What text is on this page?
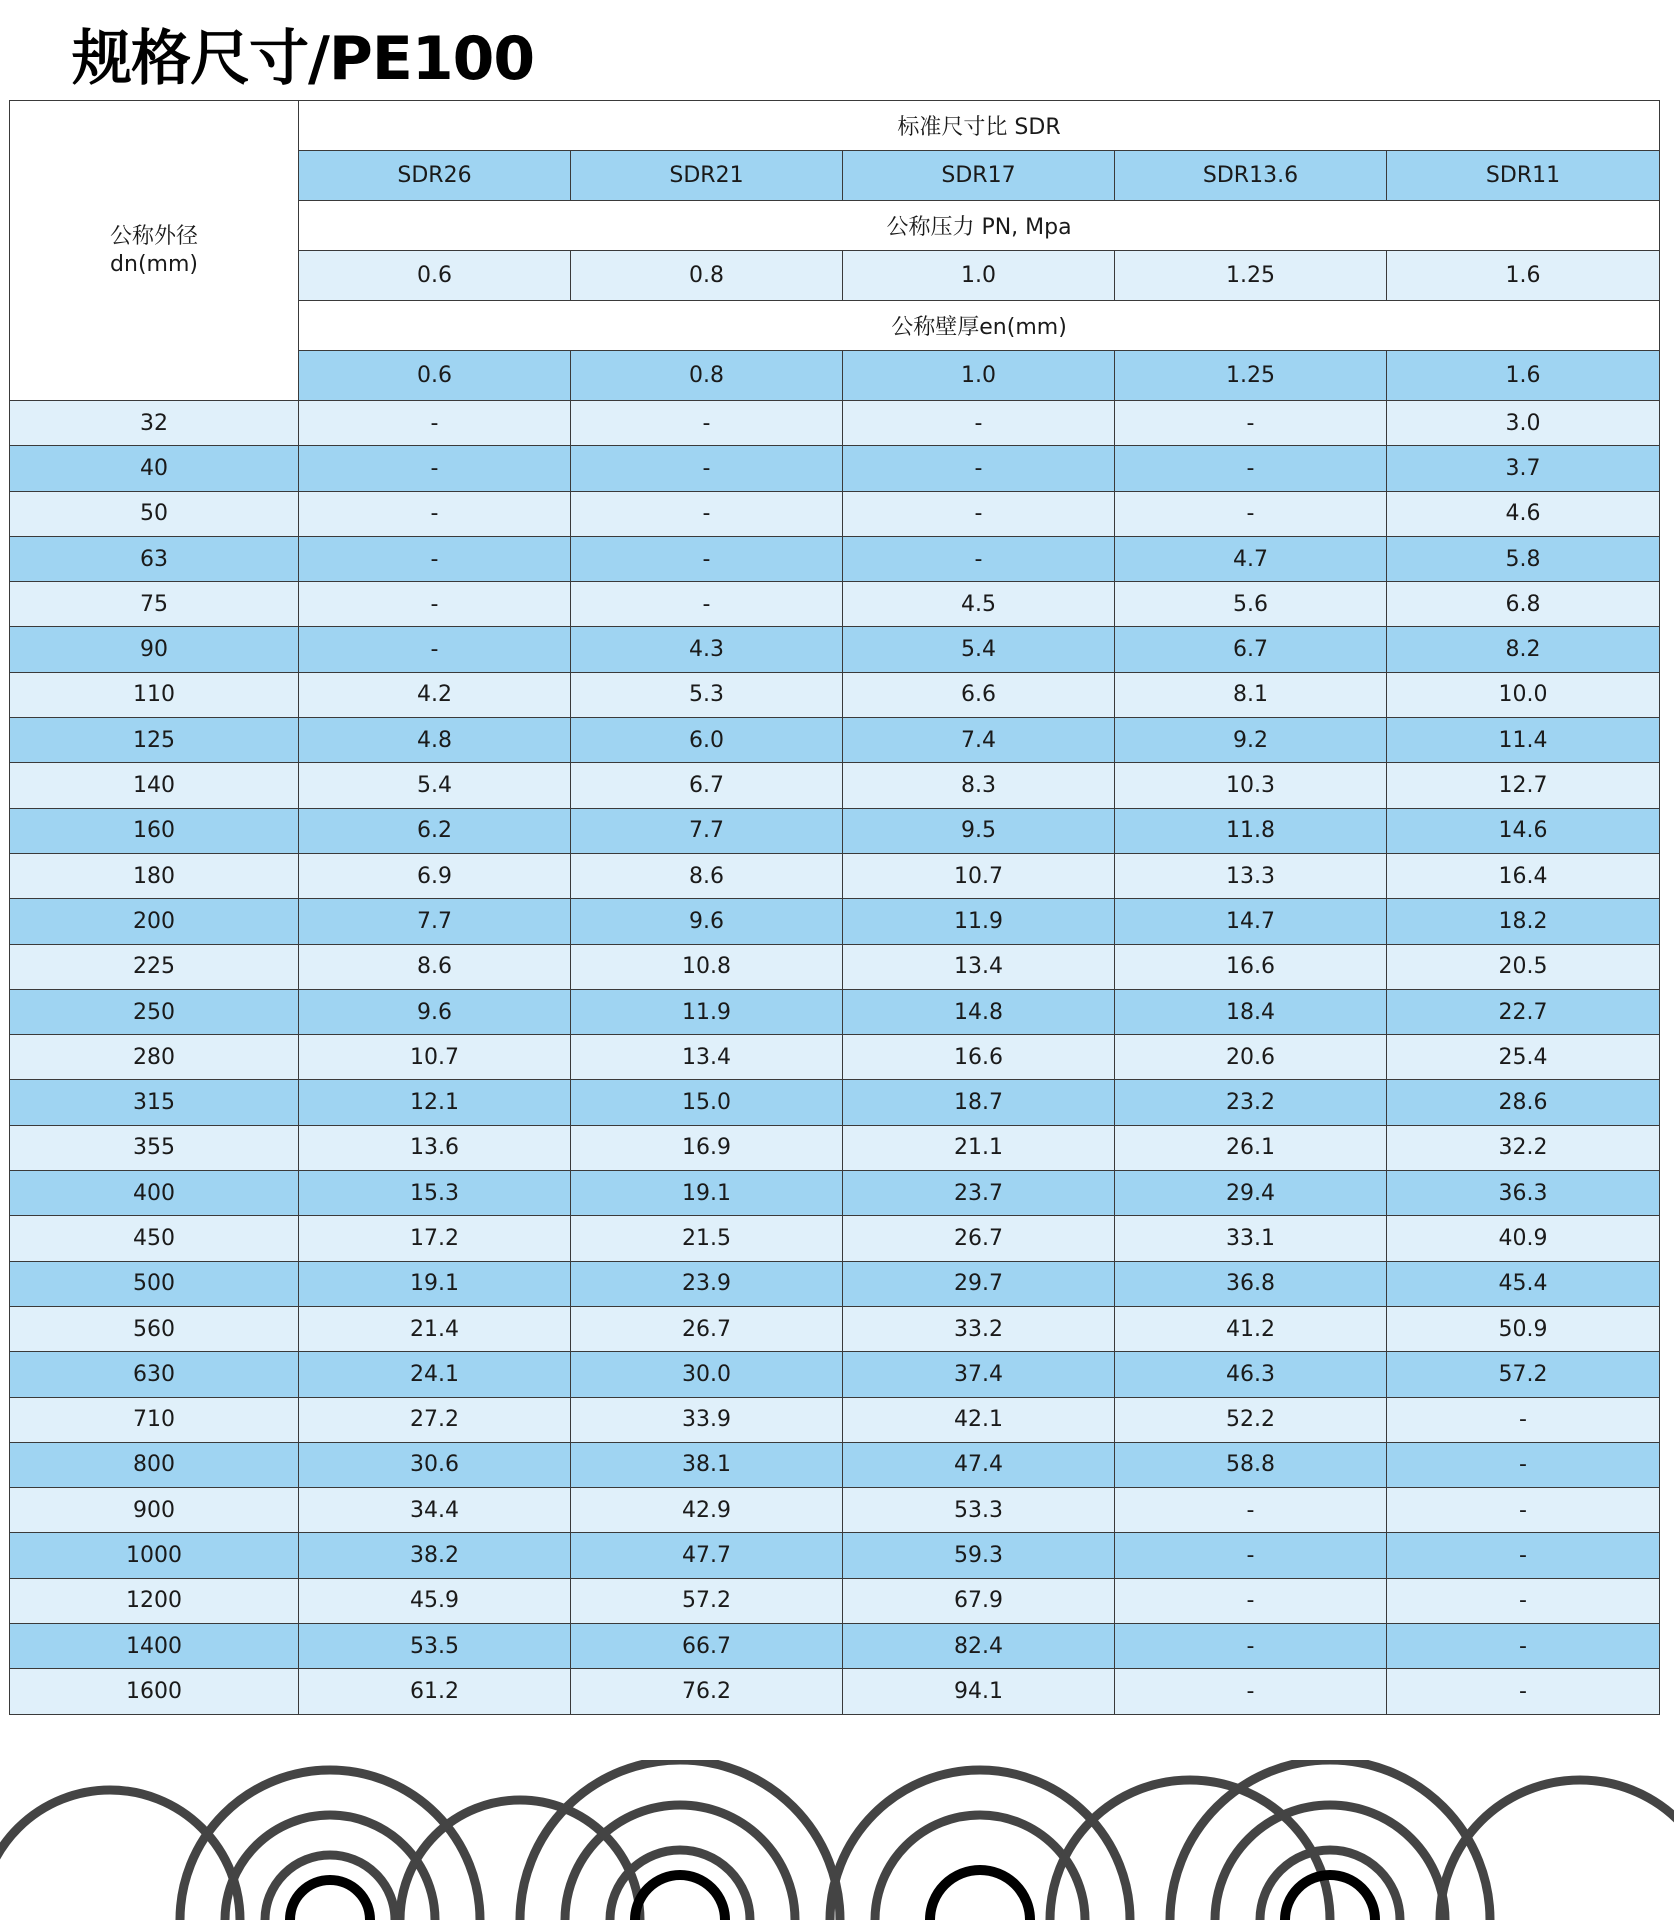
规格尺寸/PE100
公称外径
dn(mm)	标准尺寸比 SDR				
	SDR26	SDR21	SDR17	SDR13.6	SDR11
	公称压力 PN, Mpa				
	0.6	0.8	1.0	1.25	1.6
	公称壁厚en(mm)				
	0.6	0.8	1.0	1.25	1.6
32	-	-	-	-	3.0
40	-	-	-	-	3.7
50	-	-	-	-	4.6
63	-	-	-	4.7	5.8
75	-	-	4.5	5.6	6.8
90	-	4.3	5.4	6.7	8.2
110	4.2	5.3	6.6	8.1	10.0
125	4.8	6.0	7.4	9.2	11.4
140	5.4	6.7	8.3	10.3	12.7
160	6.2	7.7	9.5	11.8	14.6
180	6.9	8.6	10.7	13.3	16.4
200	7.7	9.6	11.9	14.7	18.2
225	8.6	10.8	13.4	16.6	20.5
250	9.6	11.9	14.8	18.4	22.7
280	10.7	13.4	16.6	20.6	25.4
315	12.1	15.0	18.7	23.2	28.6
355	13.6	16.9	21.1	26.1	32.2
400	15.3	19.1	23.7	29.4	36.3
450	17.2	21.5	26.7	33.1	40.9
500	19.1	23.9	29.7	36.8	45.4
560	21.4	26.7	33.2	41.2	50.9
630	24.1	30.0	37.4	46.3	57.2
710	27.2	33.9	42.1	52.2	-
800	30.6	38.1	47.4	58.8	-
900	34.4	42.9	53.3	-	-
1000	38.2	47.7	59.3	-	-
1200	45.9	57.2	67.9	-	-
1400	53.5	66.7	82.4	-	-
1600	61.2	76.2	94.1	-	-
